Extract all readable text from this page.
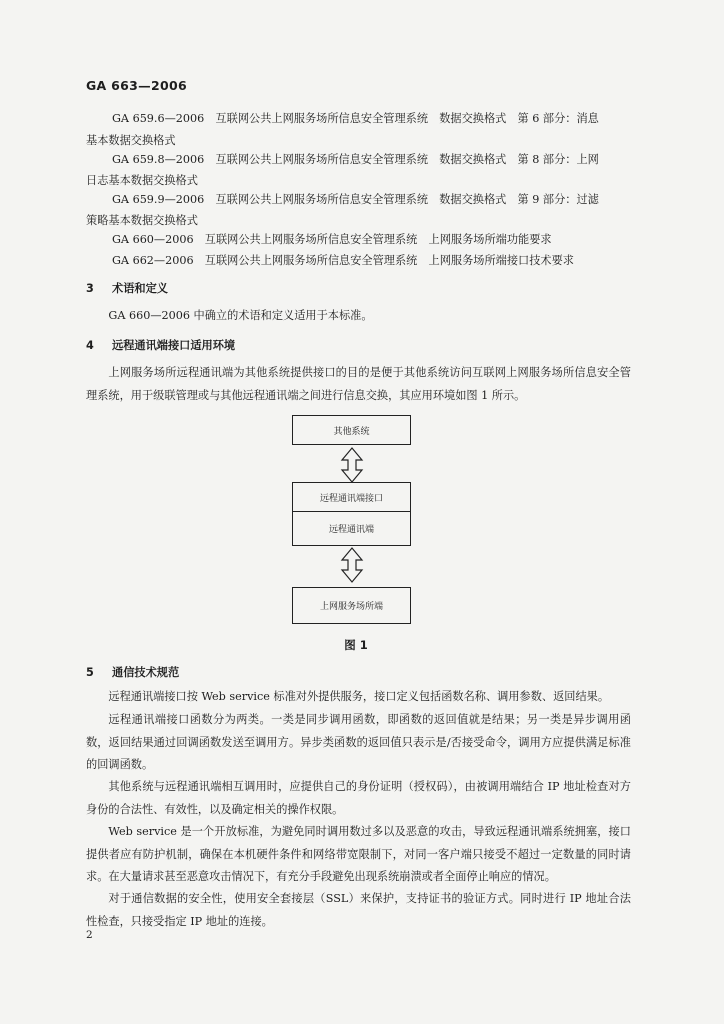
GA 663—2006
GA 659.6—2006　互联网公共上网服务场所信息安全管理系统　数据交换格式　第 6 部分：消息
基本数据交换格式
GA 659.8—2006　互联网公共上网服务场所信息安全管理系统　数据交换格式　第 8 部分：上网
日志基本数据交换格式
GA 659.9—2006　互联网公共上网服务场所信息安全管理系统　数据交换格式　第 9 部分：过滤
策略基本数据交换格式
GA 660—2006　互联网公共上网服务场所信息安全管理系统　上网服务场所端功能要求
GA 662—2006　互联网公共上网服务场所信息安全管理系统　上网服务场所端接口技术要求
3 术语和定义
GA 660—2006 中确立的术语和定义适用于本标准。
4 远程通讯端接口适用环境
上网服务场所远程通讯端为其他系统提供接口的目的是便于其他系统访问互联网上网服务场所信息安全管理系统，用于级联管理或与其他远程通讯端之间进行信息交换，其应用环境如图 1 所示。
其他系统
远程通讯端接口
远程通讯端
上网服务场所端
图 1
5 通信技术规范
远程通讯端接口按 Web service 标准对外提供服务，接口定义包括函数名称、调用参数、返回结果。
远程通讯端接口函数分为两类。一类是同步调用函数，即函数的返回值就是结果；另一类是异步调用函数，返回结果通过回调函数发送至调用方。异步类函数的返回值只表示是/否接受命令，调用方应提供满足标准的回调函数。
其他系统与远程通讯端相互调用时，应提供自己的身份证明（授权码），由被调用端结合 IP 地址检查对方身份的合法性、有效性，以及确定相关的操作权限。
Web service 是一个开放标准，为避免同时调用数过多以及恶意的攻击，导致远程通讯端系统拥塞，接口提供者应有防护机制，确保在本机硬件条件和网络带宽限制下，对同一客户端只接受不超过一定数量的同时请求。在大量请求甚至恶意攻击情况下，有充分手段避免出现系统崩溃或者全面停止响应的情况。
对于通信数据的安全性，使用安全套接层（SSL）来保护，支持证书的验证方式。同时进行 IP 地址合法性检查，只接受指定 IP 地址的连接。
2
